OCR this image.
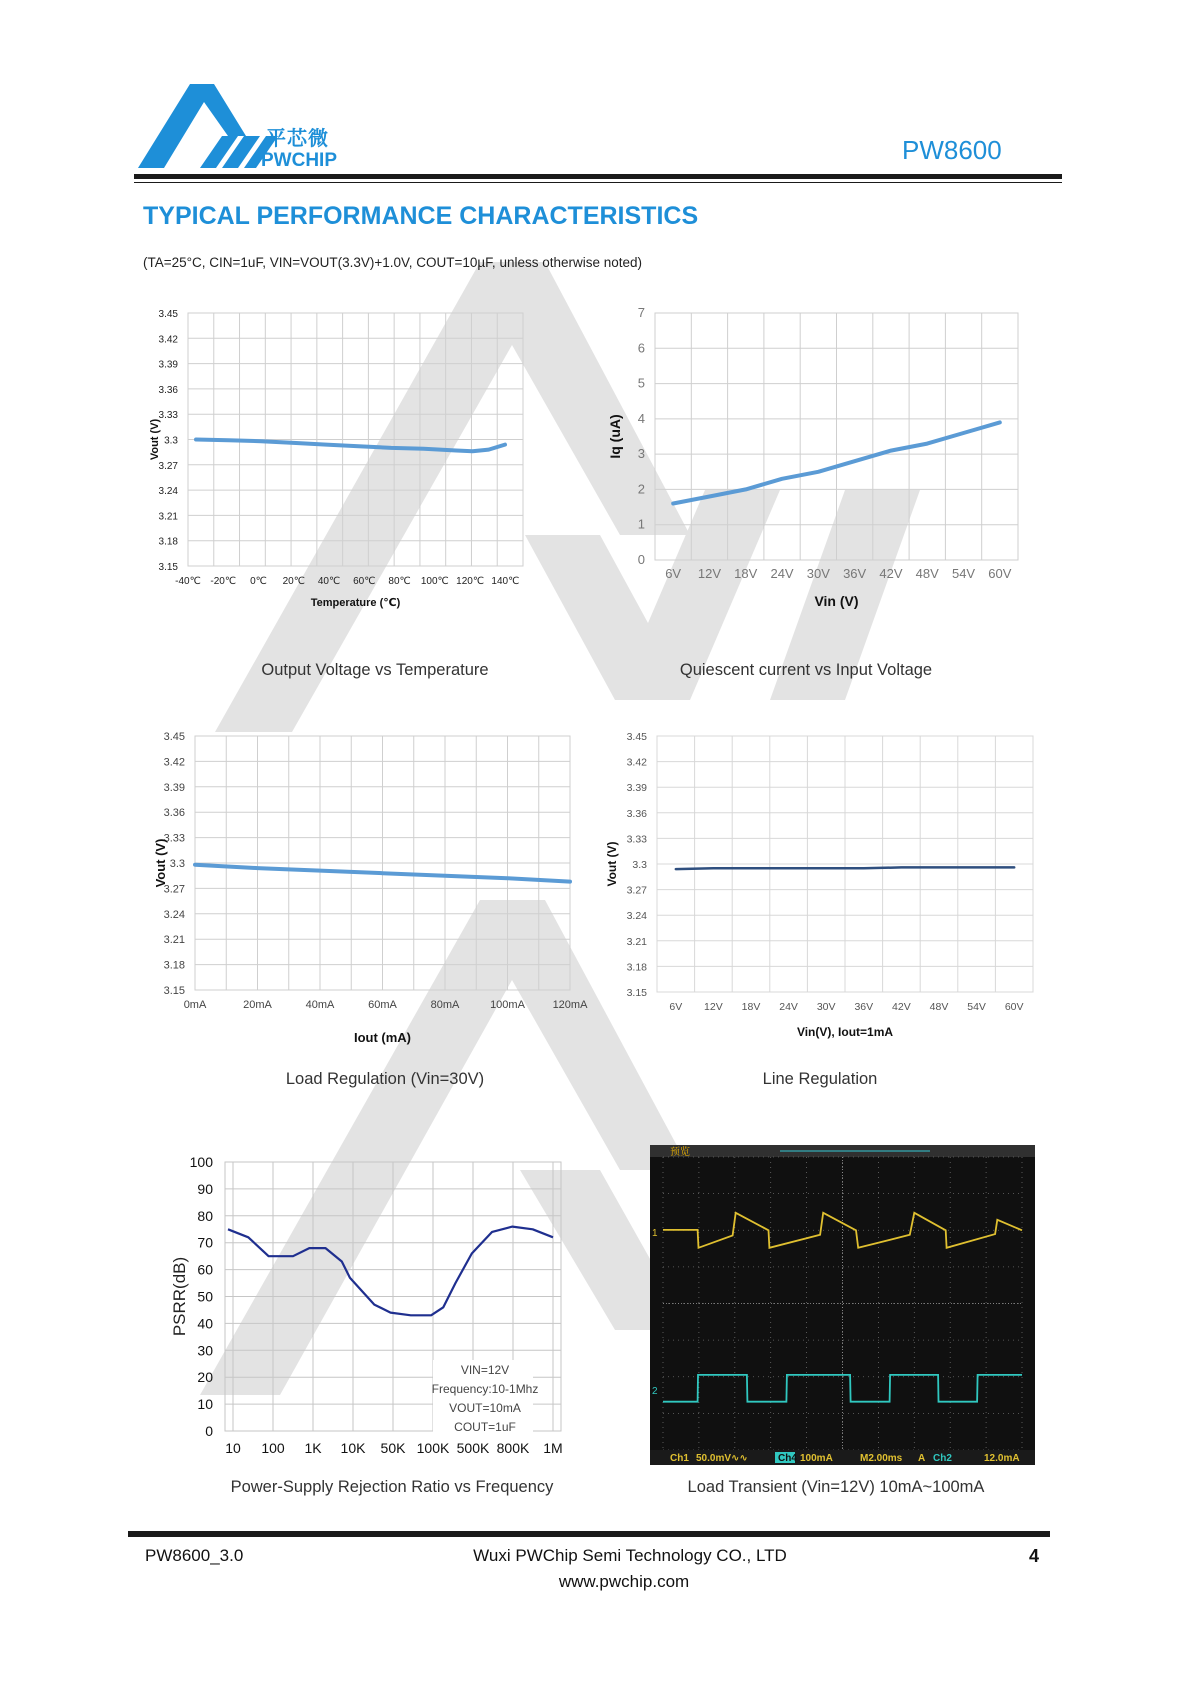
平芯微
PWCHIP	PW8600
TYPICAL PERFORMANCE CHARACTERISTICS
(TA=25°C, CIN=1uF, VIN=VOUT(3.3V)+1.0V, COUT=10µF, unless otherwise noted)
3.15
3.18
3.21
3.24
3.27
3.3
3.33
3.36
3.39
3.42
3.45
-40℃ -20℃ 0℃ 20℃ 40℃ 60℃ 80℃ 100℃ 120℃ 140℃
Temperature (℃)
Vout (V)
0
1
2
3
4
5
6
7
6V 12V 18V 24V 30V 36V 42V 48V 54V 60V
Vin (V)
Iq (uA)
3.15
3.18
3.21
3.24
3.27
3.3
3.33
3.36
3.39
3.42
3.45
0mA	20mA	40mA	60mA	80mA	100mA	120mA
Iout (mA)
Vout (V)
3.15
3.18
3.21
3.24
3.27
3.3
3.33
3.36
3.39
3.42
3.45
6V 12V 18V 24V 30V 36V 42V 48V 54V 60V
Vin(V), Iout=1mA
Vout (V)
0
10
20
30
40
50
60
70
80
90
100
10 100 1K 10K 50K 100K 500K 800K 1M
PSRR(dB)
VIN=12V
Frequency:10-1Mhz
VOUT=10mA
COUT=1uF
预览
1
2
Ch1 50.0mV∿∿	Ch4 100mA	M2.00ms A Ch2	12.0mA
Output Voltage vs Temperature	Quiescent current vs Input Voltage
Load Regulation (Vin=30V)	Line Regulation
Power-Supply Rejection Ratio vs Frequency	Load Transient (Vin=12V) 10mA~100mA
PW8600_3.0	Wuxi PWChip Semi Technology CO., LTD
www.pwchip.com
4
